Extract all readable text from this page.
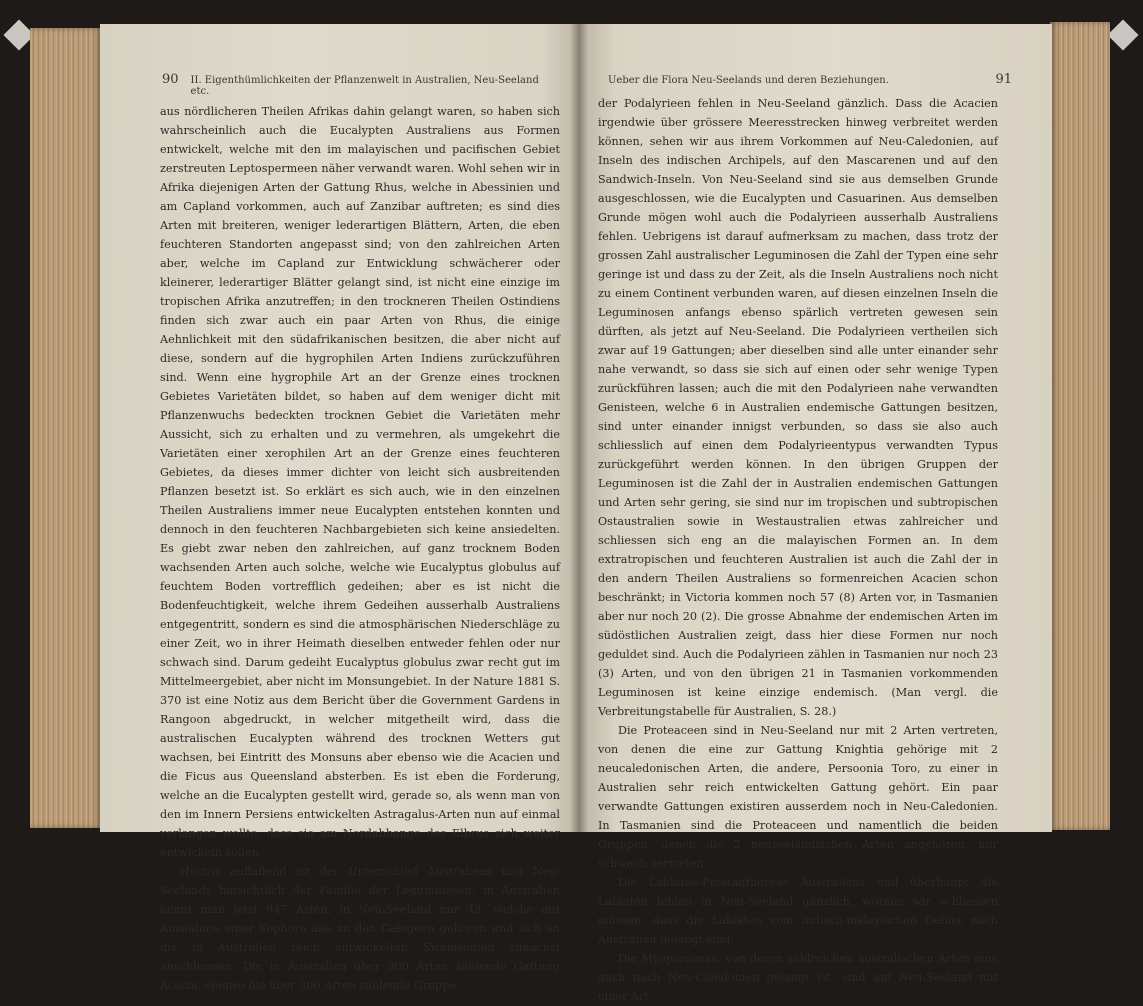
90 II. Eigenthümlichkeiten der Pflanzenwelt in Australien, Neu-Seeland etc.

aus nördlicheren Theilen Afrikas dahin gelangt waren, so haben sich wahrscheinlich auch die Eucalypten Australiens aus Formen entwickelt, welche mit den im malayischen und pacifischen Gebiet zerstreuten Leptospermeen näher verwandt waren. Wohl sehen wir in Afrika diejenigen Arten der Gattung Rhus, welche in Abessinien und am Capland vorkommen, auch auf Zanzibar auftreten; es sind dies Arten mit breiteren, weniger lederartigen Blättern, Arten, die eben feuchteren Standorten angepasst sind; von den zahlreichen Arten aber, welche im Capland zur Entwicklung schwächerer oder kleinerer, lederartiger Blätter gelangt sind, ist nicht eine einzige im tropischen Afrika anzutreffen; in den trockneren Theilen Ostindiens finden sich zwar auch ein paar Arten von Rhus, die einige Aehnlichkeit mit den südafrikanischen besitzen, die aber nicht auf diese, sondern auf die hygrophilen Arten Indiens zurückzuführen sind. Wenn eine hygrophile Art an der Grenze eines trocknen Gebietes Varietäten bildet, so haben auf dem weniger dicht mit Pflanzenwuchs bedeckten trocknen Gebiet die Varietäten mehr Aussicht, sich zu erhalten und zu vermehren, als umgekehrt die Varietäten einer xerophilen Art an der Grenze eines feuchteren Gebietes, da dieses immer dichter von leicht sich ausbreitenden Pflanzen besetzt ist. So erklärt es sich auch, wie in den einzelnen Theilen Australiens immer neue Eucalypten entstehen konnten und dennoch in den feuchteren Nachbargebieten sich keine ansiedelten. Es giebt zwar neben den zahlreichen, auf ganz trocknem Boden wachsenden Arten auch solche, welche wie Eucalyptus globulus auf feuchtem Boden vortrefflich gedeihen; aber es ist nicht die Bodenfeuchtigkeit, welche ihrem Gedeihen ausserhalb Australiens entgegentritt, sondern es sind die atmosphärischen Niederschläge zu einer Zeit, wo in ihrer Heimath dieselben entweder fehlen oder nur schwach sind. Darum gedeiht Eucalyptus globulus zwar recht gut im Mittelmeergebiet, aber nicht im Monsungebiet. In der Nature 1881 S. 370 ist eine Notiz aus dem Bericht über die Government Gardens in Rangoon abgedruckt, in welcher mitgetheilt wird, dass die australischen Eucalypten während des trocknen Wetters gut wachsen, bei Eintritt des Monsuns aber ebenso wie die Acacien und die Ficus aus Queensland absterben. Es ist eben die Forderung, welche an die Eucalypten gestellt wird, gerade so, als wenn man von den im Innern Persiens entwickelten Astragalus-Arten nun auf einmal verlangen wollte, dass sie am Nordabhange des Elbrus sich weiter entwickeln sollen.

Höchst auffallend ist der Unterschied Australiens und Neu-Seelands hinsichtlich der Familie der Leguminosen, in Australien kennt man jetzt 947 Arten, in Neu-Seeland nur 43, welche mit Ausnahme einer Sophora alle zu den Galegeen gehören und sich an die in Australien reich entwickelten Swainsonien zunächst anschliessen. Die in Australien über 300 Arten zählende Gattung Acacia, ebenso die über 300 Arten zählende Gruppe

Ueber die Flora Neu-Seelands und deren Beziehungen.	91

der Podalyrieen fehlen in Neu-Seeland gänzlich. Dass die Acacien irgendwie über grössere Meeresstrecken hinweg verbreitet werden können, sehen wir aus ihrem Vorkommen auf Neu-Caledonien, auf Inseln des indischen Archipels, auf den Mascarenen und auf den Sandwich-Inseln. Von Neu-Seeland sind sie aus demselben Grunde ausgeschlossen, wie die Eucalypten und Casuarinen. Aus demselben Grunde mögen wohl auch die Podalyrieen ausserhalb Australiens fehlen. Uebrigens ist darauf aufmerksam zu machen, dass trotz der grossen Zahl australischer Leguminosen die Zahl der Typen eine sehr geringe ist und dass zu der Zeit, als die Inseln Australiens noch nicht zu einem Continent verbunden waren, auf diesen einzelnen Inseln die Leguminosen anfangs ebenso spärlich vertreten gewesen sein dürften, als jetzt auf Neu-Seeland. Die Podalyrieen vertheilen sich zwar auf 19 Gattungen; aber dieselben sind alle unter einander sehr nahe verwandt, so dass sie sich auf einen oder sehr wenige Typen zurückführen lassen; auch die mit den Podalyrieen nahe verwandten Genisteen, welche 6 in Australien endemische Gattungen besitzen, sind unter einander innigst verbunden, so dass sie also auch schliesslich auf einen dem Podalyrieentypus verwandten Typus zurückgeführt werden können. In den übrigen Gruppen der Leguminosen ist die Zahl der in Australien endemischen Gattungen und Arten sehr gering, sie sind nur im tropischen und subtropischen Ostaustralien sowie in Westaustralien etwas zahlreicher und schliessen sich eng an die malayischen Formen an. In dem extratropischen und feuchteren Australien ist auch die Zahl der in den andern Theilen Australiens so formenreichen Acacien schon beschränkt; in Victoria kommen noch 57 (8) Arten vor, in Tasmanien aber nur noch 20 (2). Die grosse Abnahme der endemischen Arten im südöstlichen Australien zeigt, dass hier diese Formen nur noch geduldet sind. Auch die Podalyrieen zählen in Tasmanien nur noch 23 (3) Arten, und von den übrigen 21 in Tasmanien vorkommenden Leguminosen ist keine einzige endemisch. (Man vergl. die Verbreitungstabelle für Australien, S. 28.)

Die Proteaceen sind in Neu-Seeland nur mit 2 Arten vertreten, von denen die eine zur Gattung Knightia gehörige mit 2 neucaledonischen Arten, die andere, Persoonia Toro, zu einer in Australien sehr reich entwickelten Gattung gehört. Ein paar verwandte Gattungen existiren ausserdem noch in Neu-Caledonien. In Tasmanien sind die Proteaceen und namentlich die beiden Gruppen, denen die 2 neuseeländischen Arten angehören, nur schwach vertreten.

Die Labiatae-Prostanthereae Australiens und überhaupt die Labiaten fehlen in Neu-Seeland gänzlich, woraus wir schliessen müssen, dass die Labiaten vom indisch-malayischen Gebiet nach Australien gelangt sind.

Die Myoporaceae, von deren zahlreichen australischen Arten eine auch nach Neu-Caledonien gelangt ist, sind auf Neu-Seeland mit einer Art
